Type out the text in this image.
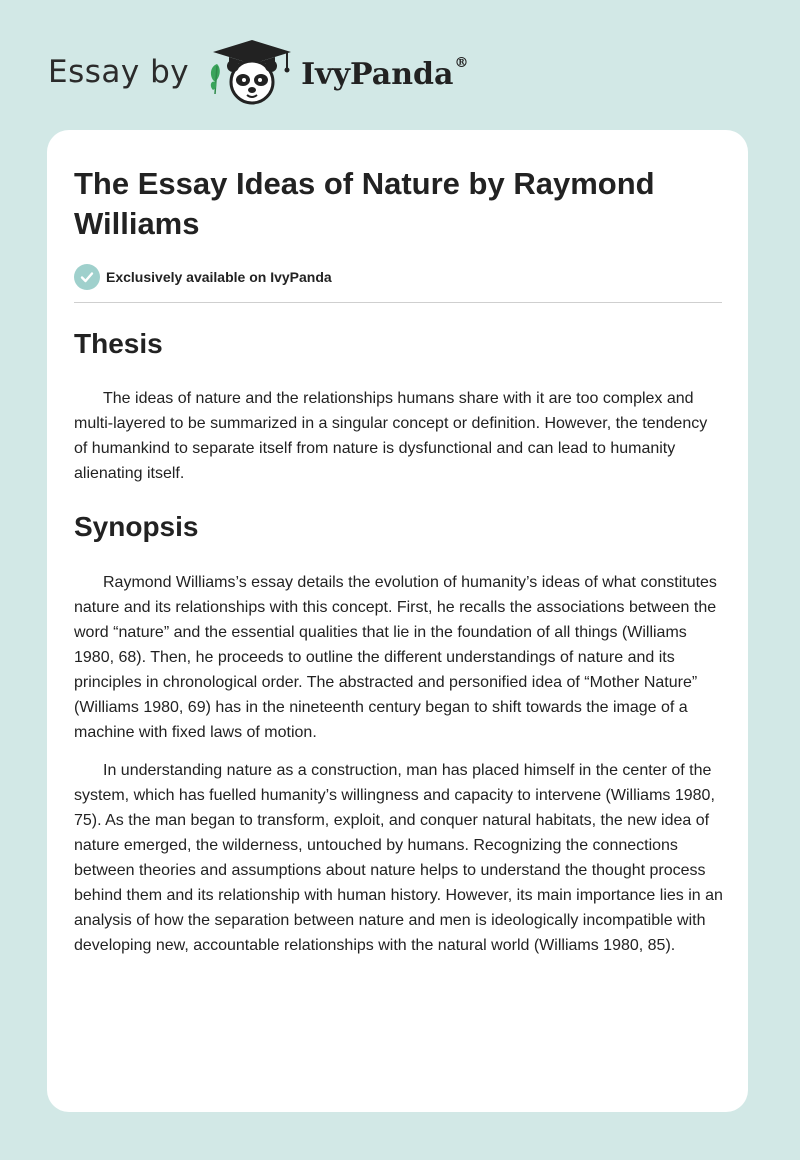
Essay by	IvyPanda®
The Essay Ideas of Nature by Raymond Williams
Exclusively available on IvyPanda
Thesis

The ideas of nature and the relationships humans share with it are too complex and multi-layered to be summarized in a singular concept or definition. However, the tendency of humankind to separate itself from nature is dysfunctional and can lead to humanity alienating itself.

Synopsis

Raymond Williams’s essay details the evolution of humanity’s ideas of what constitutes nature and its relationships with this concept. First, he recalls the associations between the word “nature” and the essential qualities that lie in the foundation of all things (Williams 1980, 68). Then, he proceeds to outline the different understandings of nature and its principles in chronological order. The abstracted and personified idea of “Mother Nature” (Williams 1980, 69) has in the nineteenth century began to shift towards the image of a machine with fixed laws of motion.

In understanding nature as a construction, man has placed himself in the center of the system, which has fuelled humanity’s willingness and capacity to intervene (Williams 1980, 75). As the man began to transform, exploit, and conquer natural habitats, the new idea of nature emerged, the wilderness, untouched by humans. Recognizing the connections between theories and assumptions about nature helps to understand the thought process behind them and its relationship with human history. However, its main importance lies in an analysis of how the separation between nature and men is ideologically incompatible with developing new, accountable relationships with the natural world (Williams 1980, 85).
